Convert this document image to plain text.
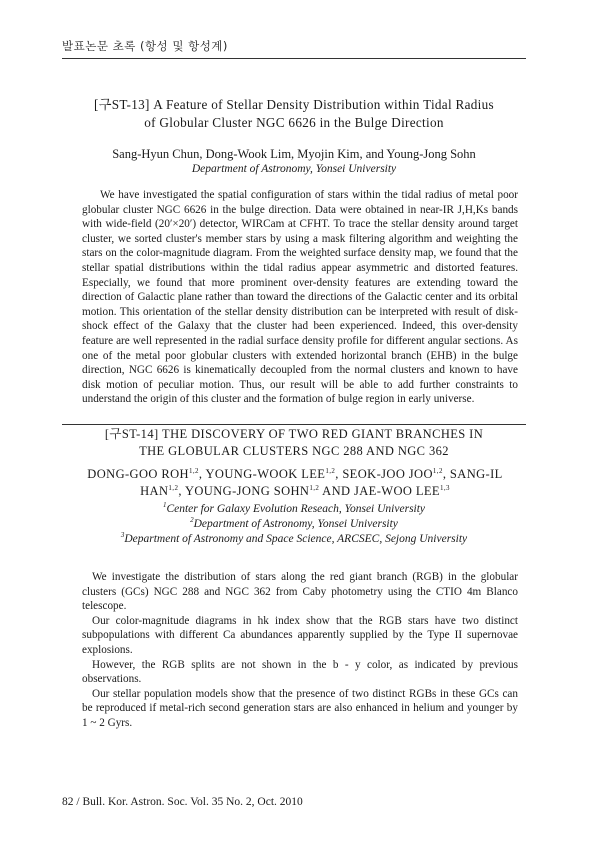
발표논문 초록 (항성 및 항성계)
[구ST-13] A Feature of Stellar Density Distribution within Tidal Radius
of Globular Cluster NGC 6626 in the Bulge Direction
Sang-Hyun Chun, Dong-Wook Lim, Myojin Kim, and Young-Jong Sohn
Department of Astronomy, Yonsei University

We have investigated the spatial configuration of stars within the tidal radius of metal poor globular cluster NGC 6626 in the bulge direction. Data were obtained in near-IR J,H,Ks bands with wide-field (20′×20′) detector, WIRCam at CFHT. To trace the stellar density around target cluster, we sorted cluster's member stars by using a mask filtering algorithm and weighting the stars on the color-magnitude diagram. From the weighted surface density map, we found that the stellar spatial distributions within the tidal radius appear asymmetric and distorted features. Especially, we found that more prominent over-density features are extending toward the direction of Galactic plane rather than toward the directions of the Galactic center and its orbital motion. This orientation of the stellar density distribution can be interpreted with result of disk-shock effect of the Galaxy that the cluster had been experienced. Indeed, this over-density feature are well represented in the radial surface density profile for different angular sections. As one of the metal poor globular clusters with extended horizontal branch (EHB) in the bulge direction, NGC 6626 is kinematically decoupled from the normal clusters and known to have disk motion of peculiar motion. Thus, our result will be able to add further constraints to understand the origin of this cluster and the formation of bulge region in early universe.

[구ST-14] THE DISCOVERY OF TWO RED GIANT BRANCHES IN
THE GLOBULAR CLUSTERS NGC 288 AND NGC 362
DONG-GOO ROH$^{1,2}$, YOUNG-WOOK LEE$^{1,2}$, SEOK-JOO JOO$^{1,2}$, SANG-IL HAN$^{1,2}$, YOUNG-JONG SOHN$^{1,2}$ AND JAE-WOO LEE$^{1,3}$
$^1$Center for Galaxy Evolution Reseach, Yonsei University
$^2$Department of Astronomy, Yonsei University
$^3$Department of Astronomy and Space Science, ARCSEC, Sejong University

We investigate the distribution of stars along the red giant branch (RGB) in the globular clusters (GCs) NGC 288 and NGC 362 from Caby photometry using the CTIO 4m Blanco telescope.

Our color-magnitude diagrams in hk index show that the RGB stars have two distinct subpopulations with different Ca abundances apparently supplied by the Type II supernovae explosions.

However, the RGB splits are not shown in the b - y color, as indicated by previous observations.

Our stellar population models show that the presence of two distinct RGBs in these GCs can be reproduced if metal-rich second generation stars are also enhanced in helium and younger by 1 ~ 2 Gyrs.

82 / Bull. Kor. Astron. Soc. Vol. 35 No. 2, Oct. 2010
